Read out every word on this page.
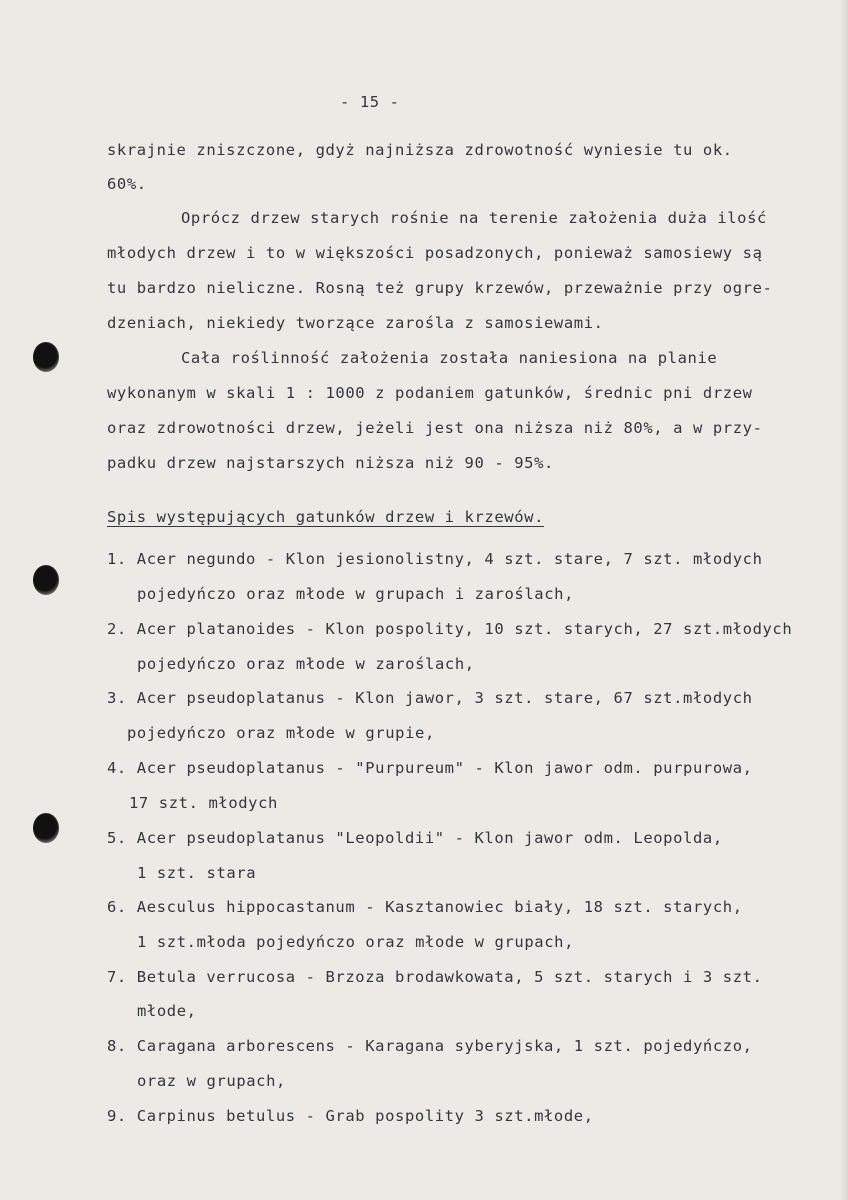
- 15 -
skrajnie zniszczone, gdyż najniższa zdrowotność wyniesie tu ok.
60%.
Oprócz drzew starych rośnie na terenie założenia duża ilość
młodych drzew i to w większości posadzonych, ponieważ samosiewy są
tu bardzo nieliczne. Rosną też grupy krzewów, przeważnie przy ogre-
dzeniach, niekiedy tworzące zarośla z samosiewami.
Cała roślinność założenia została naniesiona na planie
wykonanym w skali 1 : 1000 z podaniem gatunków, średnic pni drzew
oraz zdrowotności drzew, jeżeli jest ona niższa niż 80%, a w przy-
padku drzew najstarszych niższa niż 90 - 95%.
Spis występujących gatunków drzew i krzewów.
1. Acer negundo - Klon jesionolistny, 4 szt. stare, 7 szt. młodych
pojedyńczo oraz młode w grupach i zaroślach,
2. Acer platanoides - Klon pospolity, 10 szt. starych, 27 szt.młodych
pojedyńczo oraz młode w zaroślach,
3. Acer pseudoplatanus - Klon jawor, 3 szt. stare, 67 szt.młodych
pojedyńczo oraz młode w grupie,
4. Acer pseudoplatanus - "Purpureum" - Klon jawor odm. purpurowa,
17 szt. młodych
5. Acer pseudoplatanus "Leopoldii" - Klon jawor odm. Leopolda,
1 szt. stara
6. Aesculus hippocastanum - Kasztanowiec biały, 18 szt. starych,
1 szt.młoda pojedyńczo oraz młode w grupach,
7. Betula verrucosa - Brzoza brodawkowata, 5 szt. starych i 3 szt.
młode,
8. Caragana arborescens - Karagana syberyjska, 1 szt. pojedyńczo,
oraz w grupach,
9. Carpinus betulus - Grab pospolity 3 szt.młode,
